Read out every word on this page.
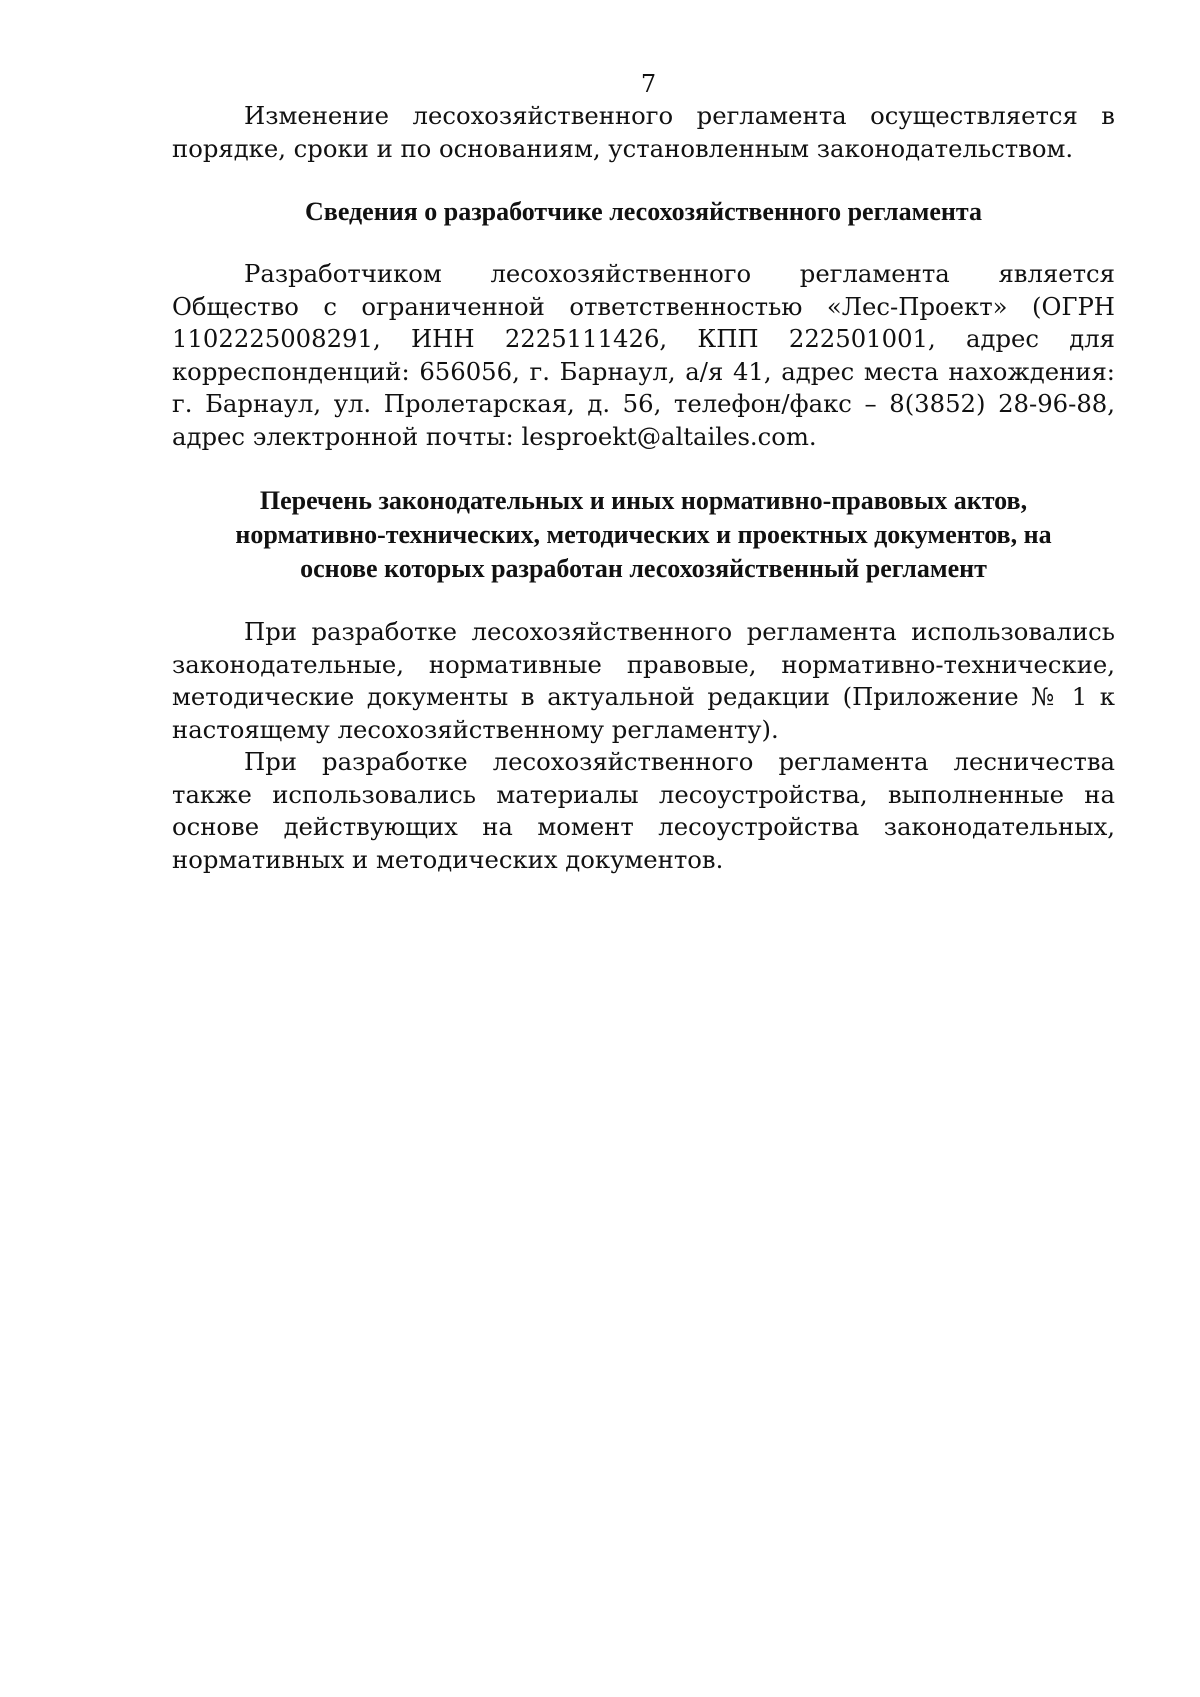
7

Изменение лесохозяйственного регламента осуществляется в порядке, сроки и по основаниям, установленным законодательством.

Сведения о разработчике лесохозяйственного регламента

Разработчиком лесохозяйственного регламента является Общество с ограниченной ответственностью «Лес-Проект» (ОГРН 1102225008291, ИНН 2225111426, КПП 222501001, адрес для корреспонденций: 656056, г. Барнаул, а/я 41, адрес места нахождения: г. Барнаул, ул. Пролетарская, д. 56, телефон/факс – 8(3852) 28-96-88, адрес электронной почты: lesproekt@altailes.com.

Перечень законодательных и иных нормативно-правовых актов,
нормативно-технических, методических и проектных документов, на
основе которых разработан лесохозяйственный регламент

При разработке лесохозяйственного регламента использовались законодательные, нормативные правовые, нормативно-технические, методические документы в актуальной редакции (Приложение № 1 к настоящему лесохозяйственному регламенту).

При разработке лесохозяйственного регламента лесничества также использовались материалы лесоустройства, выполненные на основе действующих на момент лесоустройства законодательных, нормативных и методических документов.
